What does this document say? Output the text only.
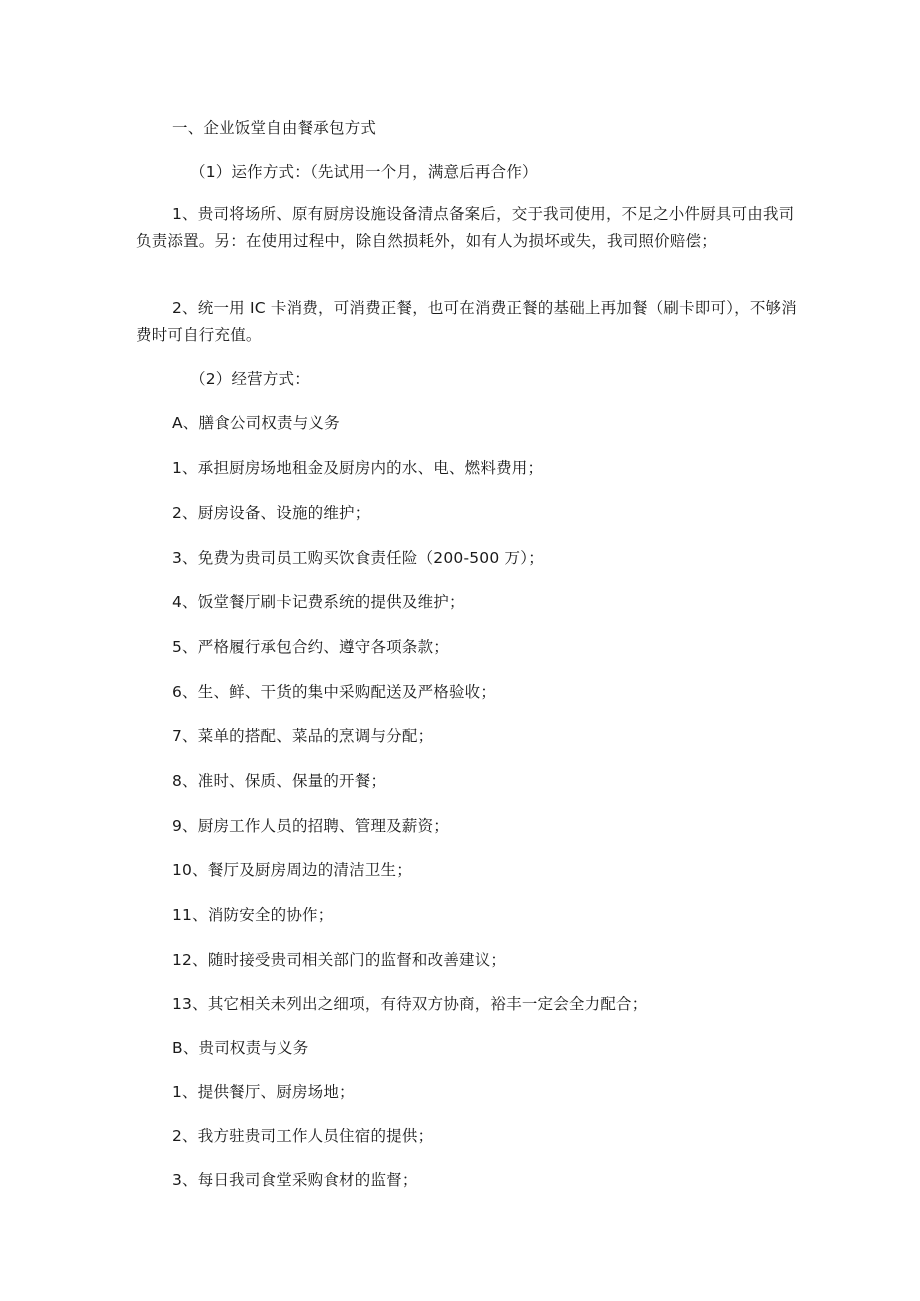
一、企业饭堂自由餐承包方式
（1）运作方式：（先试用一个月，满意后再合作）
1、贵司将场所、原有厨房设施设备清点备案后，交于我司使用，不足之小件厨具可由我司负责添置。另：在使用过程中，除自然损耗外，如有人为损坏或失，我司照价赔偿；
2、统一用 IC 卡消费，可消费正餐，也可在消费正餐的基础上再加餐（刷卡即可），不够消费时可自行充值。
（2）经营方式：
A、膳食公司权责与义务
1、承担厨房场地租金及厨房内的水、电、燃料费用；
2、厨房设备、设施的维护；
3、免费为贵司员工购买饮食责任险（200-500 万）；
4、饭堂餐厅刷卡记费系统的提供及维护；
5、严格履行承包合约、遵守各项条款；
6、生、鲜、干货的集中采购配送及严格验收；
7、菜单的搭配、菜品的烹调与分配；
8、准时、保质、保量的开餐；
9、厨房工作人员的招聘、管理及薪资；
10、餐厅及厨房周边的清洁卫生；
11、消防安全的协作；
12、随时接受贵司相关部门的监督和改善建议；
13、其它相关未列出之细项，有待双方协商，裕丰一定会全力配合；
B、贵司权责与义务
1、提供餐厅、厨房场地；
2、我方驻贵司工作人员住宿的提供；
3、每日我司食堂采购食材的监督；
